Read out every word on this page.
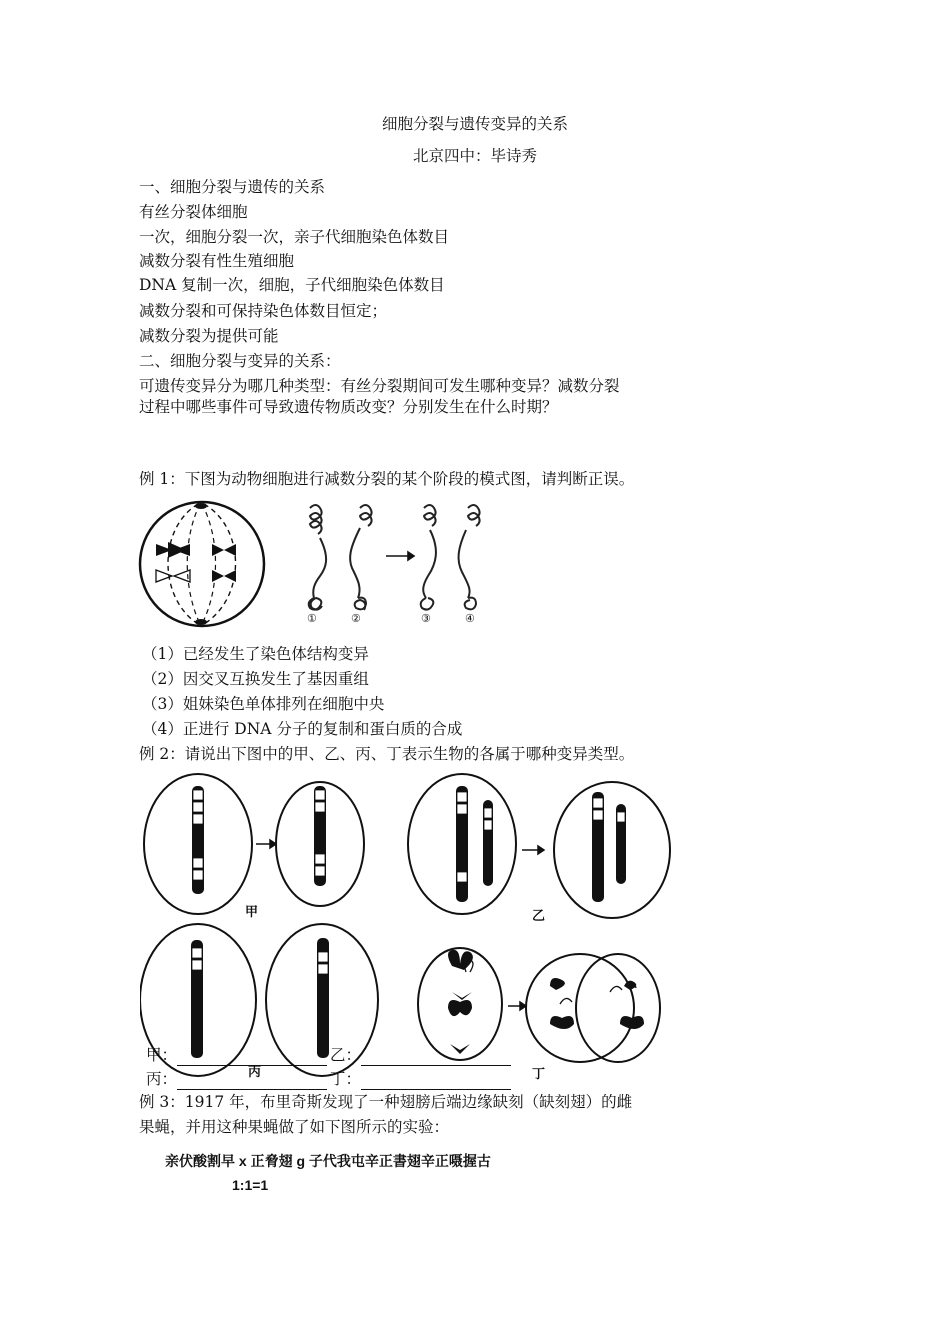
细胞分裂与遗传变异的关系
北京四中：毕诗秀
一、细胞分裂与遗传的关系
有丝分裂体细胞
一次，细胞分裂一次，亲子代细胞染色体数目
减数分裂有性生殖细胞
DNA 复制一次，细胞，子代细胞染色体数目
减数分裂和可保持染色体数目恒定；
减数分裂为提供可能
二、细胞分裂与变异的关系：
可遗传变异分为哪几种类型：有丝分裂期间可发生哪种变异？减数分裂
过程中哪些事件可导致遗传物质改变？分别发生在什么时期？
例 1：下图为动物细胞进行减数分裂的某个阶段的模式图，请判断正误。
①	②	③	④
（1）已经发生了染色体结构变异
（2）因交叉互换发生了基因重组
（3）姐妹染色单体排列在细胞中央
（4）正进行 DNA 分子的复制和蛋白质的合成
例 2：请说出下图中的甲、乙、丙、丁表示生物的各属于哪种变异类型。
甲	乙
丙	丁
甲：	乙：
丙：	丁：
例 3：1917 年，布里奇斯发现了一种翅膀后端边缘缺刻（缺刻翅）的雌
果蝇，并用这种果蝇做了如下图所示的实验：
亲伏酸割早 x 正脅翅 g 子代我屯辛正書翅辛正嗫握古
1:1=1
